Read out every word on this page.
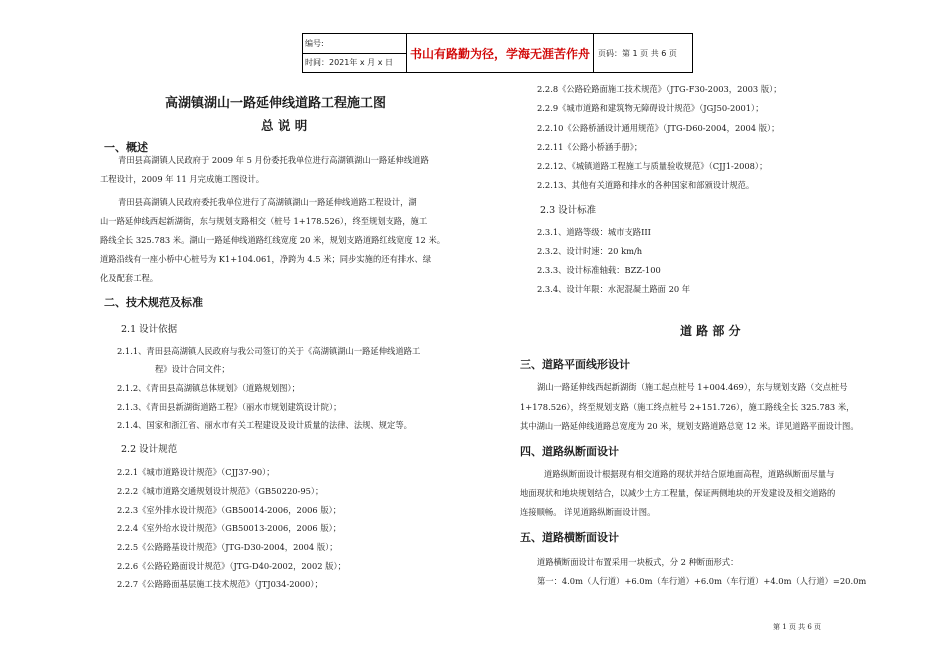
编号:
时间：2021年 x 月 x 日
书山有路勤为径，学海无涯苦作舟	页码：第 1 页 共 6 页
高湖镇湖山一路延伸线道路工程施工图
总 说 明
一、概述
青田县高湖镇人民政府于 2009 年 5 月份委托我单位进行高湖镇湖山一路延伸线道路
工程设计，2009 年 11 月完成施工图设计。
青田县高湖镇人民政府委托我单位进行了高湖镇湖山一路延伸线道路工程设计，湖
山一路延伸线西起新湖街，东与规划支路相交（桩号 1+178.526），终至规划支路，施工
路线全长 325.783 米。湖山一路延伸线道路红线宽度 20 米，规划支路道路红线宽度 12 米。
道路沿线有一座小桥中心桩号为 K1+104.061，净跨为 4.5 米；同步实施的还有排水、绿
化及配套工程。
二、技术规范及标准
2.1 设计依据
2.1.1、青田县高湖镇人民政府与我公司签订的关于《高湖镇湖山一路延伸线道路工
程》设计合同文件；
2.1.2、《青田县高湖镇总体规划》（道路规划图）；
2.1.3、《青田县新湖街道路工程》（丽水市规划建筑设计院）；
2.1.4、国家和浙江省、丽水市有关工程建设及设计质量的法律、法规、规定等。
2.2 设计规范
2.2.1《城市道路设计规范》（CJJ37-90）；
2.2.2《城市道路交通规划设计规范》（GB50220-95）；
2.2.3《室外排水设计规范》（GB50014-2006，2006 版）；
2.2.4《室外给水设计规范》（GB50013-2006，2006 版）；
2.2.5《公路路基设计规范》（JTG-D30-2004，2004 版）；
2.2.6《公路砼路面设计规范》（JTG-D40-2002，2002 版）；
2.2.7《公路路面基层施工技术规范》（JTJ034-2000）；
2.2.8《公路砼路面施工技术规范》（JTG-F30-2003，2003 版）；
2.2.9《城市道路和建筑物无障碍设计规范》（JGJ50-2001）；
2.2.10《公路桥涵设计通用规范》（JTG-D60-2004，2004 版）；
2.2.11《公路小桥涵手册》；
2.2.12、《城镇道路工程施工与质量验收规范》（CJJ1-2008）；
2.2.13、其他有关道路和排水的各种国家和部颁设计规范。
2.3 设计标准
2.3.1、道路等级：城市支路III
2.3.2、设计时速：20 km/h
2.3.3、设计标准轴载：BZZ-100
2.3.4、设计年限：水泥混凝土路面 20 年
道 路 部 分
三、道路平面线形设计
湖山一路延伸线西起新湖街（施工起点桩号 1+004.469），东与规划支路（交点桩号
1+178.526），终至规划支路（施工终点桩号 2+151.726），施工路线全长 325.783 米，
其中湖山一路延伸线道路总宽度为 20 米，规划支路道路总宽 12 米。详见道路平面设计图。
四、道路纵断面设计
道路纵断面设计根据现有相交道路的现状并结合原地面高程，道路纵断面尽量与
地面现状和地块规划结合，以减少土方工程量，保证两侧地块的开发建设及相交道路的
连接顺畅。 详见道路纵断面设计图。
五、道路横断面设计
道路横断面设计布置采用一块板式，分 2 种断面形式：
第一：4.0m（人行道）+6.0m（车行道）+6.0m（车行道）+4.0m（人行道）=20.0m
第 1 页 共 6 页
